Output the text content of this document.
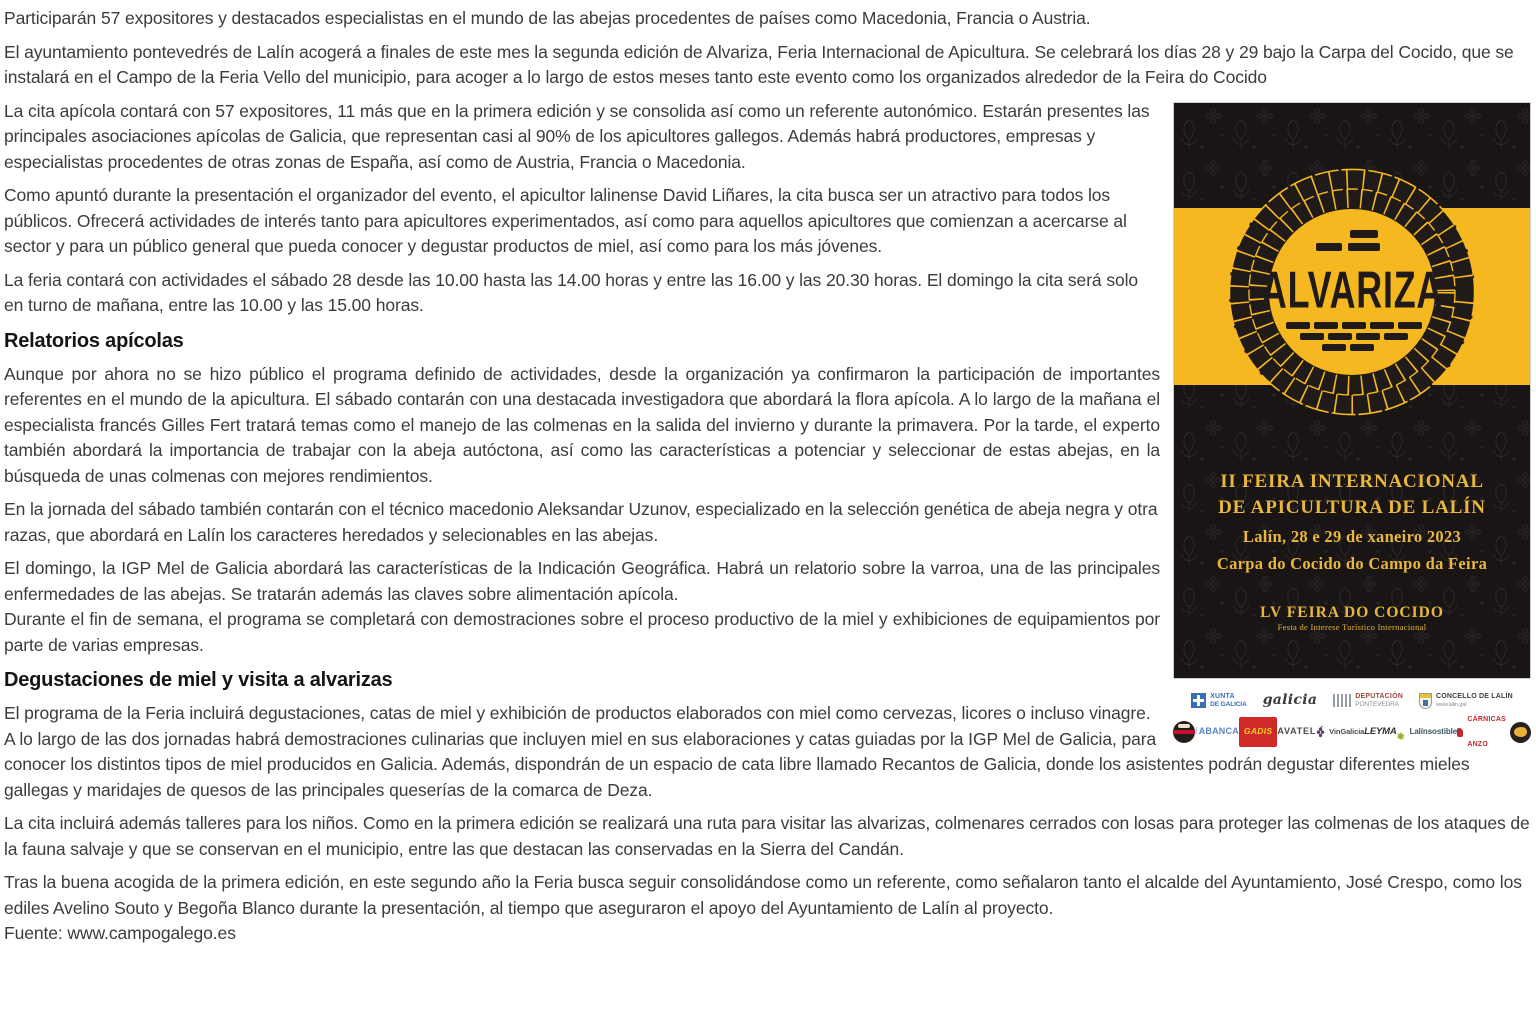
Participarán 57 expositores y destacados especialistas en el mundo de las abejas procedentes de países como Macedonia, Francia o Austria.

El ayuntamiento pontevedrés de Lalín acogerá a finales de este mes la segunda edición de Alvariza, Feria Internacional de Apicultura. Se celebrará los días 28 y 29 bajo la Carpa del Cocido, que se instalará en el Campo de la Feria Vello del municipio, para acoger a lo largo de estos meses tanto este evento como los organizados alrededor de la Feira do Cocido

ALVARIZA
II FEIRA INTERNACIONAL
DE APICULTURA DE LALÍN
Lalín, 28 e 29 de xaneiro 2023
Carpa do Cocido do Campo da Feira
LV FEIRA DO COCIDO
Festa de Interese Turístico Internacional
XUNTA
DE GALICIA galicia	DEPUTACIÓN
PONTEVEDRA
CONCELLO DE LALÍN
www.lalin.gal
/ ABANCA GADIS AVATEL VinGalicia LEYMA ✱ Lalínsostible
CÁRNICAS ANZO

La cita apícola contará con 57 expositores, 11 más que en la primera edición y se consolida así como un referente autonómico. Estarán presentes las principales asociaciones apícolas de Galicia, que representan casi al 90% de los apicultores gallegos. Además habrá productores, empresas y especialistas procedentes de otras zonas de España, así como de Austria, Francia o Macedonia.

Como apuntó durante la presentación el organizador del evento, el apicultor lalinense David Liñares, la cita busca ser un atractivo para todos los públicos. Ofrecerá actividades de interés tanto para apicultores experimentados, así como para aquellos apicultores que comienzan a acercarse al sector y para un público general que pueda conocer y degustar productos de miel, así como para los más jóvenes.

La feria contará con actividades el sábado 28 desde las 10.00 hasta las 14.00 horas y entre las 16.00 y las 20.30 horas. El domingo la cita será solo en turno de mañana, entre las 10.00 y las 15.00 horas.

Relatorios apícolas

Aunque por ahora no se hizo público el programa definido de actividades, desde la organización ya confirmaron la participación de importantes referentes en el mundo de la apicultura. El sábado contarán con una destacada investigadora que abordará la flora apícola. A lo largo de la mañana el especialista francés Gilles Fert tratará temas como el manejo de las colmenas en la salida del invierno y durante la primavera. Por la tarde, el experto también abordará la importancia de trabajar con la abeja autóctona, así como las características a potenciar y seleccionar de estas abejas, en la búsqueda de unas colmenas con mejores rendimientos.

En la jornada del sábado también contarán con el técnico macedonio Aleksandar Uzunov, especializado en la selección genética de abeja negra y otra razas, que abordará en Lalín los caracteres heredados y selecionables en las abejas.

El domingo, la IGP Mel de Galicia abordará las características de la Indicación Geográfica. Habrá un relatorio sobre la varroa, una de las principales enfermedades de las abejas. Se tratarán además las claves sobre alimentación apícola.
Durante el fin de semana, el programa se completará con demostraciones sobre el proceso productivo de la miel y exhibiciones de equipamientos por parte de varias empresas.

Degustaciones de miel y visita a alvarizas

El programa de la Feria incluirá degustaciones, catas de miel y exhibición de productos elaborados con miel como cervezas, licores o incluso vinagre. A lo largo de las dos jornadas habrá demostraciones culinarias que incluyen miel en sus elaboraciones y catas guiadas por la IGP Mel de Galicia, para conocer los distintos tipos de miel producidos en Galicia. Además, dispondrán de un espacio de cata libre llamado Recantos de Galicia, donde los asistentes podrán degustar diferentes mieles gallegas y maridajes de quesos de las principales queserías de la comarca de Deza.

La cita incluirá además talleres para los niños. Como en la primera edición se realizará una ruta para visitar las alvarizas, colmenares cerrados con losas para proteger las colmenas de los ataques de la fauna salvaje y que se conservan en el municipio, entre las que destacan las conservadas en la Sierra del Candán.

Tras la buena acogida de la primera edición, en este segundo año la Feria busca seguir consolidándose como un referente, como señalaron tanto el alcalde del Ayuntamiento, José Crespo, como los ediles Avelino Souto y Begoña Blanco durante la presentación, al tiempo que aseguraron el apoyo del Ayuntamiento de Lalín al proyecto.
Fuente: www.campogalego.es
